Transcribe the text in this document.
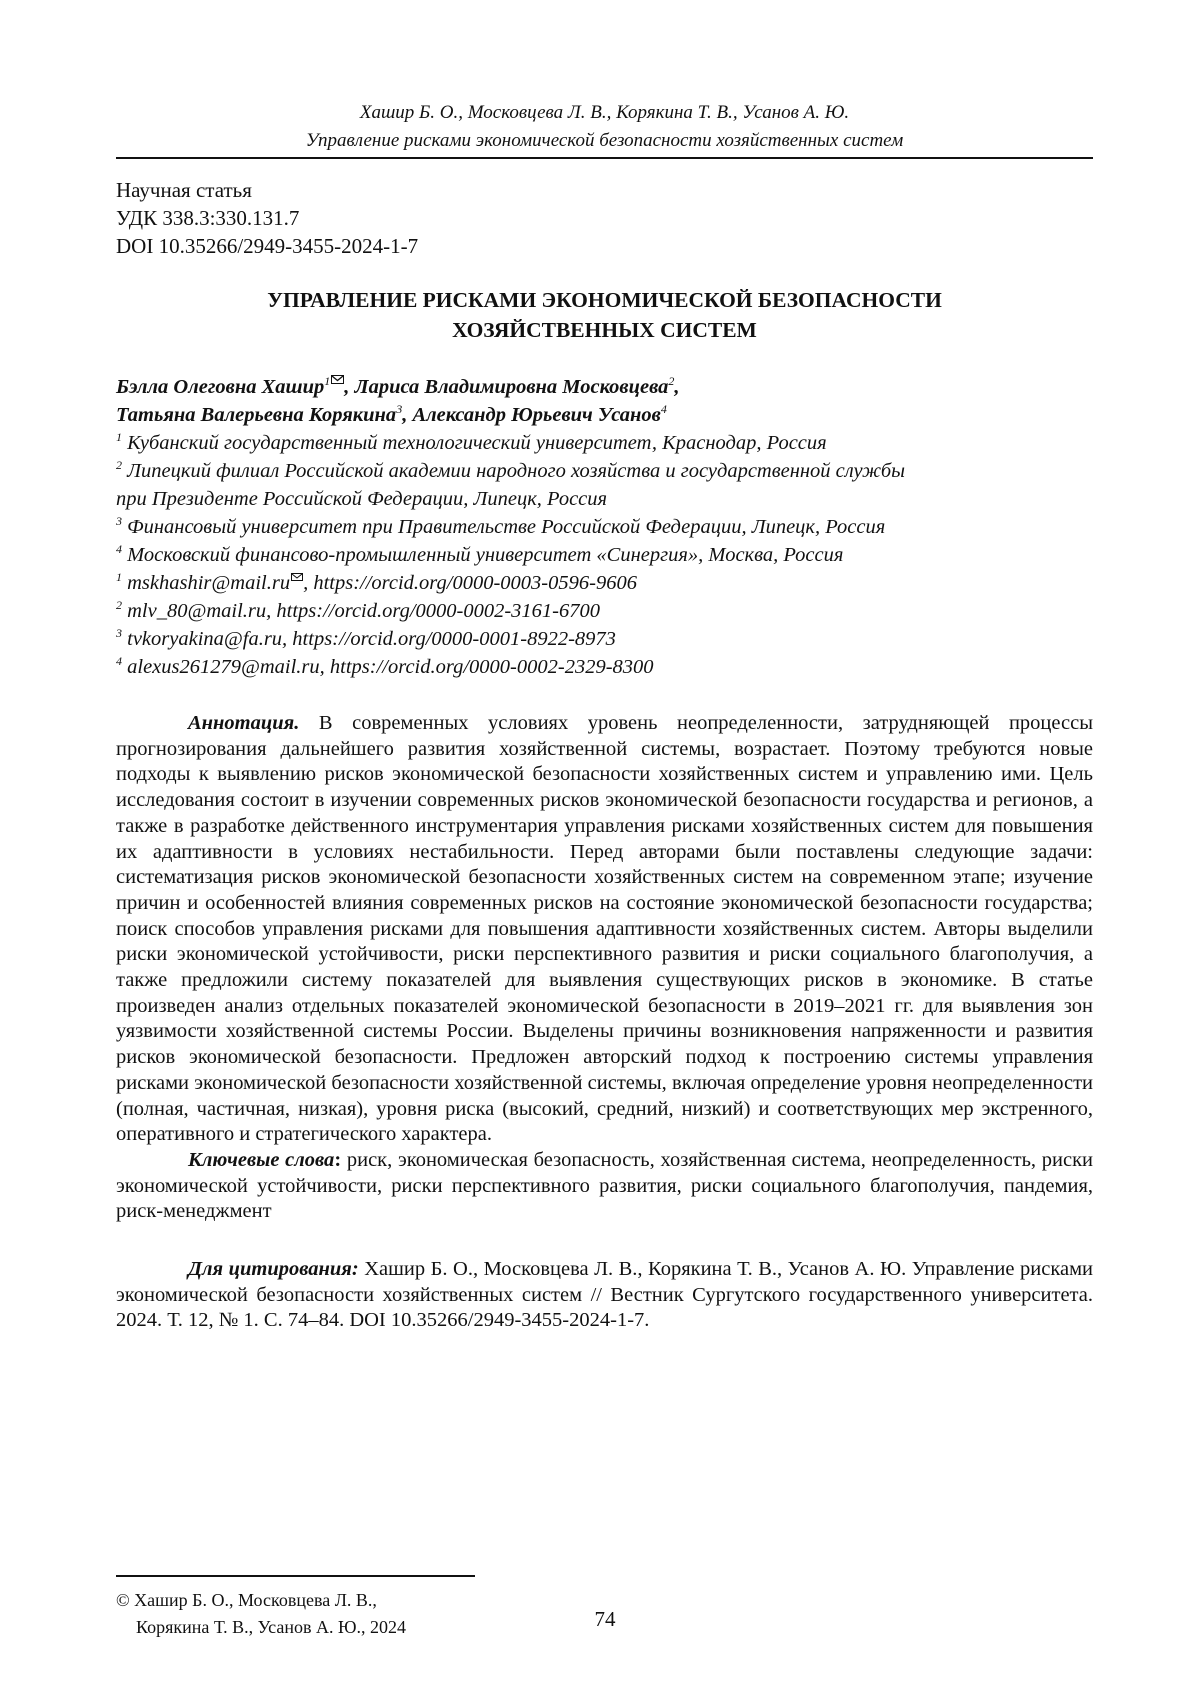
Хашир Б. О., Московцева Л. В., Корякина Т. В., Усанов А. Ю.
Управление рисками экономической безопасности хозяйственных систем
Научная статья
УДК 338.3:330.131.7
DOI 10.35266/2949-3455-2024-1-7
УПРАВЛЕНИЕ РИСКАМИ ЭКОНОМИЧЕСКОЙ БЕЗОПАСНОСТИ
ХОЗЯЙСТВЕННЫХ СИСТЕМ
Бэлла Олеговна Хашир1 , Лариса Владимировна Московцева2,
Татьяна Валерьевна Корякина3, Александр Юрьевич Усанов4
1 Кубанский государственный технологический университет, Краснодар, Россия
2 Липецкий филиал Российской академии народного хозяйства и государственной службы
при Президенте Российской Федерации, Липецк, Россия
3 Финансовый университет при Правительстве Российской Федерации, Липецк, Россия
4 Московский финансово-промышленный университет «Синергия», Москва, Россия
1 mskhashir@mail.ru , https://orcid.org/0000-0003-0596-9606
2 mlv_80@mail.ru, https://orcid.org/0000-0002-3161-6700
3 tvkoryakina@fa.ru, https://orcid.org/0000-0001-8922-8973
4 alexus261279@mail.ru, https://orcid.org/0000-0002-2329-8300

Аннотация. В современных условиях уровень неопределенности, затрудняющей процессы прогнозирования дальнейшего развития хозяйственной системы, возрастает. Поэтому требуются новые подходы к выявлению рисков экономической безопасности хозяйственных систем и управлению ими. Цель исследования состоит в изучении современных рисков экономической безопасности государства и регионов, а также в разработке действенного инструментария управления рисками хозяйственных систем для повышения их адаптивности в условиях нестабильности. Перед авторами были поставлены следующие задачи: систематизация рисков экономической безопасности хозяйственных систем на современном этапе; изучение причин и особенностей влияния современных рисков на состояние экономической безопасности государства; поиск способов управления рисками для повышения адаптивности хозяйственных систем. Авторы выделили риски экономической устойчивости, риски перспективного развития и риски социального благополучия, а также предложили систему показателей для выявления существующих рисков в экономике. В статье произведен анализ отдельных показателей экономической безопасности в 2019–2021 гг. для выявления зон уязвимости хозяйственной системы России. Выделены причины возникновения напряженности и развития рисков экономической безопасности. Предложен авторский подход к построению системы управления рисками экономической безопасности хозяйственной системы, включая определение уровня неопределенности (полная, частичная, низкая), уровня риска (высокий, средний, низкий) и соответствующих мер экстренного, оперативного и стратегического характера.

Ключевые слова: риск, экономическая безопасность, хозяйственная система, неопределенность, риски экономической устойчивости, риски перспективного развития, риски социального благополучия, пандемия, риск-менеджмент

Для цитирования: Хашир Б. О., Московцева Л. В., Корякина Т. В., Усанов А. Ю. Управление рисками экономической безопасности хозяйственных систем // Вестник Сургутского государственного университета. 2024. Т. 12, № 1. С. 74–84. DOI 10.35266/2949-3455-2024-1-7.

© Хашир Б. О., Московцева Л. В.,
Корякина Т. В., Усанов А. Ю., 2024	74
